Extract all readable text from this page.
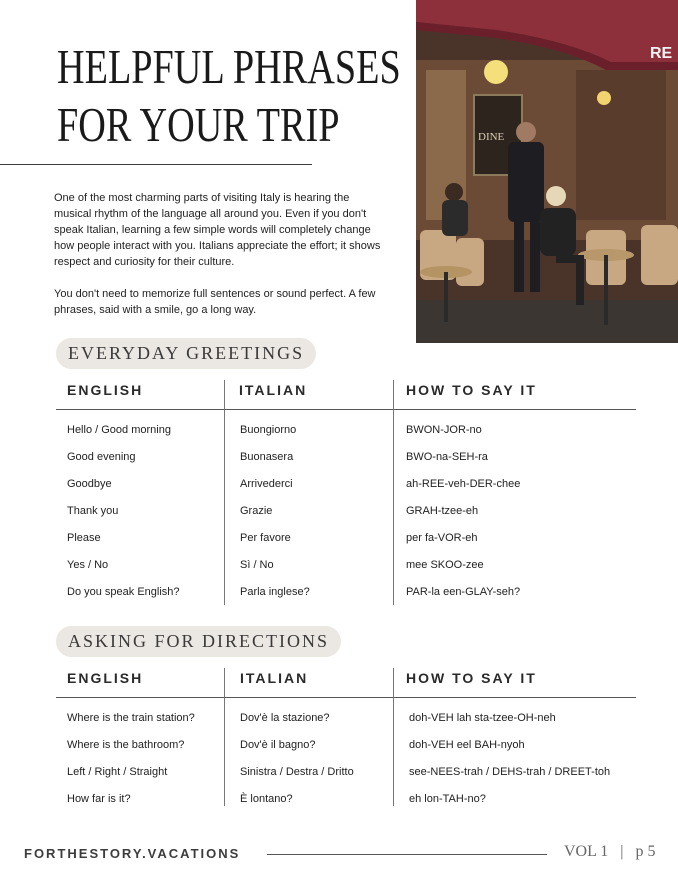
HELPFUL PHRASES
FOR YOUR TRIP	DINE
RE

One of the most charming parts of visiting Italy is hearing the musical rhythm of the language all around you. Even if you don't speak Italian, learning a few simple words will completely change how people interact with you. Italians appreciate the effort; it shows respect and curiosity for their culture.

You don't need to memorize full sentences or sound perfect. A few phrases, said with a smile, go a long way.

EVERYDAY GREETINGS
ENGLISH	ITALIAN	HOW TO SAY IT
Hello / Good morning	Buongiorno	BWON-JOR-no
Good evening	Buonasera	BWO-na-SEH-ra
Goodbye	Arrivederci	ah-REE-veh-DER-chee
Thank you	Grazie	GRAH-tzee-eh
Please	Per favore	per fa-VOR-eh
Yes / No	Sì / No	mee SKOO-zee
Do you speak English?	Parla inglese?	PAR-la een-GLAY-seh?
ASKING FOR DIRECTIONS
ENGLISH	ITALIAN	HOW TO SAY IT
Where is the train station?	Dov'è la stazione?	doh-VEH lah sta-tzee-OH-neh
Where is the bathroom?	Dov'è il bagno?	doh-VEH eel BAH-nyoh
Left / Right / Straight	Sinistra / Destra / Dritto	see-NEES-trah / DEHS-trah / DREET-toh
How far is it?	È lontano?	eh lon-TAH-no?
FORTHESTORY.VACATIONS	VOL 1 | p 5
